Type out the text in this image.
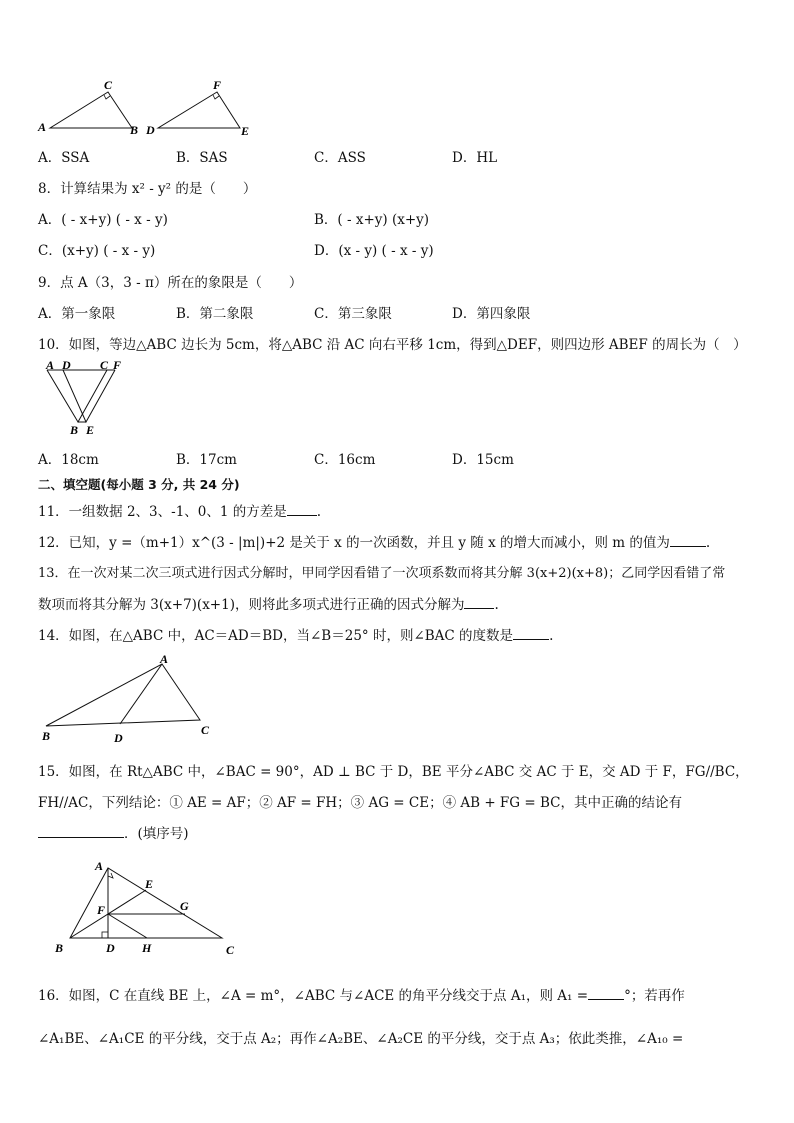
A	B
C
D	E
F
A．SSA	B．SAS	C．ASS	D．HL
8．计算结果为 x² - y² 的是（　　）
A．( - x+y) ( - x - y)	B．( - x+y) (x+y)
C．(x+y) ( - x - y)	D．(x - y) ( - x - y)
9．点 A（3，3 - π）所在的象限是（　　）
A．第一象限	B．第二象限	C．第三象限	D．第四象限
10．如图，等边△ABC 边长为 5cm，将△ABC 沿 AC 向右平移 1cm，得到△DEF，则四边形 ABEF 的周长为（　）
A D C F
B E
A．18cm	B．17cm	C．16cm	D．15cm
二、填空题(每小题 3 分, 共 24 分)
11．一组数据 2、3、-1、0、1 的方差是 .
12．已知，y =（m+1）x^(3 - |m|)+2 是关于 x 的一次函数，并且 y 随 x 的增大而减小，则 m 的值为	.
13．在一次对某二次三项式进行因式分解时，甲同学因看错了一次项系数而将其分解 3(x+2)(x+8)；乙同学因看错了常
数项而将其分解为 3(x+7)(x+1)，则将此多项式进行正确的因式分解为 .
14．如图，在△ABC 中，AC＝AD＝BD，当∠B＝25° 时，则∠BAC 的度数是	.
A
B	D
C
15．如图，在 Rt△ABC 中，∠BAC = 90°，AD ⊥ BC 于 D，BE 平分∠ABC 交 AC 于 E，交 AD 于 F，FG//BC，
FH//AC，下列结论：① AE = AF；② AF = FH；③ AG = CE；④ AB + FG = BC，其中正确的结论有
．(填序号)
A
E
F	G
B	D H	C
16．如图，C 在直线 BE 上，∠A = m°，∠ABC 与∠ACE 的角平分线交于点 A₁，则 A₁ =	°；若再作
∠A₁BE、∠A₁CE 的平分线，交于点 A₂；再作∠A₂BE、∠A₂CE 的平分线，交于点 A₃；依此类推，∠A₁₀ =
